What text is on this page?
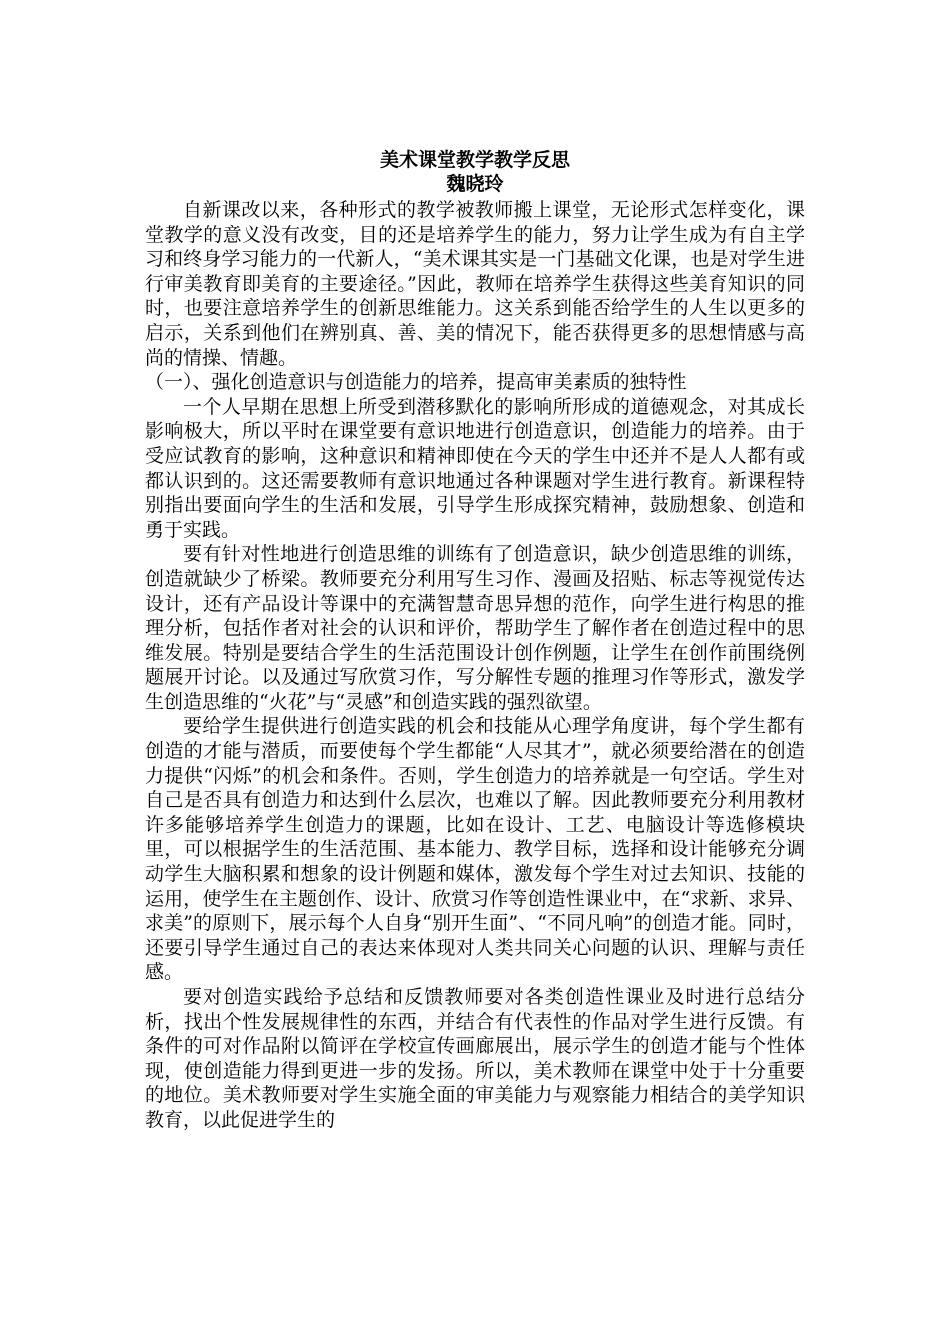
美术课堂教学教学反思
魏晓玲

自新课改以来，各种形式的教学被教师搬上课堂，无论形式怎样变化，课堂教学的意义没有改变，目的还是培养学生的能力，努力让学生成为有自主学习和终身学习能力的一代新人，“美术课其实是一门基础文化课，也是对学生进行审美教育即美育的主要途径。”因此，教师在培养学生获得这些美育知识的同时，也要注意培养学生的创新思维能力。这关系到能否给学生的人生以更多的启示，关系到他们在辨别真、善、美的情况下，能否获得更多的思想情感与高尚的情操、情趣。

（一）、强化创造意识与创造能力的培养，提高审美素质的独特性

一个人早期在思想上所受到潜移默化的影响所形成的道德观念，对其成长影响极大，所以平时在课堂要有意识地进行创造意识，创造能力的培养。由于受应试教育的影响，这种意识和精神即使在今天的学生中还并不是人人都有或都认识到的。这还需要教师有意识地通过各种课题对学生进行教育。新课程特别指出要面向学生的生活和发展，引导学生形成探究精神，鼓励想象、创造和勇于实践。

要有针对性地进行创造思维的训练有了创造意识，缺少创造思维的训练，创造就缺少了桥梁。教师要充分利用写生习作、漫画及招贴、标志等视觉传达设计，还有产品设计等课中的充满智慧奇思异想的范作，向学生进行构思的推理分析，包括作者对社会的认识和评价，帮助学生了解作者在创造过程中的思维发展。特别是要结合学生的生活范围设计创作例题，让学生在创作前围绕例题展开讨论。以及通过写欣赏习作，写分解性专题的推理习作等形式，激发学生创造思维的“火花”与“灵感”和创造实践的强烈欲望。

要给学生提供进行创造实践的机会和技能从心理学角度讲，每个学生都有创造的才能与潜质，而要使每个学生都能“人尽其才”，就必须要给潜在的创造力提供“闪烁”的机会和条件。否则，学生创造力的培养就是一句空话。学生对自己是否具有创造力和达到什么层次，也难以了解。因此教师要充分利用教材许多能够培养学生创造力的课题，比如在设计、工艺、电脑设计等选修模块里，可以根据学生的生活范围、基本能力、教学目标，选择和设计能够充分调动学生大脑积累和想象的设计例题和媒体，激发每个学生对过去知识、技能的运用，使学生在主题创作、设计、欣赏习作等创造性课业中，在“求新、求异、求美”的原则下，展示每个人自身“别开生面”、“不同凡响”的创造才能。同时，还要引导学生通过自己的表达来体现对人类共同关心问题的认识、理解与责任感。

要对创造实践给予总结和反馈教师要对各类创造性课业及时进行总结分析，找出个性发展规律性的东西，并结合有代表性的作品对学生进行反馈。有条件的可对作品附以简评在学校宣传画廊展出，展示学生的创造才能与个性体现，使创造能力得到更进一步的发扬。所以，美术教师在课堂中处于十分重要的地位。美术教师要对学生实施全面的审美能力与观察能力相结合的美学知识教育，以此促进学生的
